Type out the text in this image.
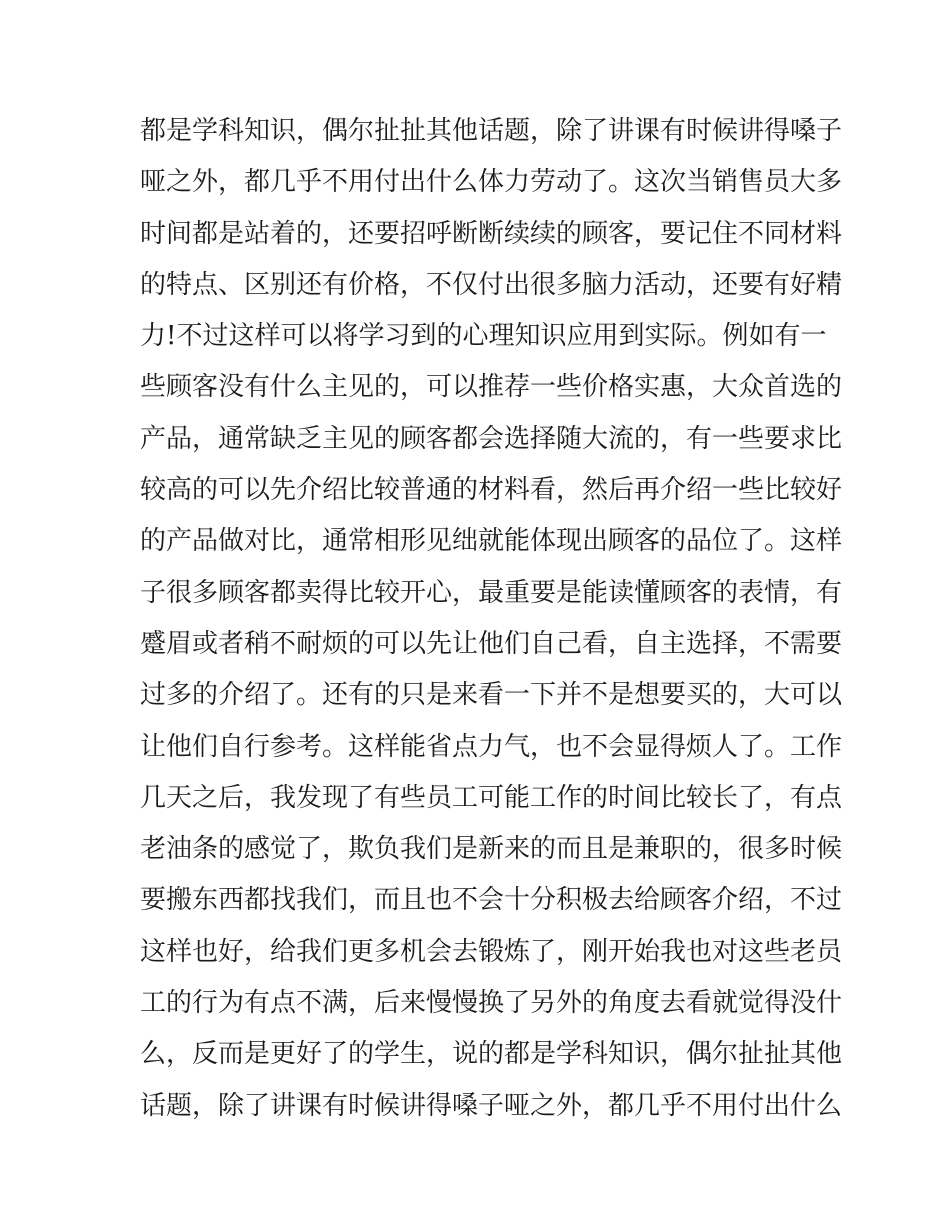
都是学科知识，偶尔扯扯其他话题，除了讲课有时候讲得嗓子
哑之外，都几乎不用付出什么体力劳动了。这次当销售员大多
时间都是站着的，还要招呼断断续续的顾客，要记住不同材料
的特点、区别还有价格，不仅付出很多脑力活动，还要有好精
力!不过这样可以将学习到的心理知识应用到实际。例如有一
些顾客没有什么主见的，可以推荐一些价格实惠，大众首选的
产品，通常缺乏主见的顾客都会选择随大流的，有一些要求比
较高的可以先介绍比较普通的材料看，然后再介绍一些比较好
的产品做对比，通常相形见绌就能体现出顾客的品位了。这样
子很多顾客都卖得比较开心，最重要是能读懂顾客的表情，有
蹙眉或者稍不耐烦的可以先让他们自己看，自主选择，不需要
过多的介绍了。还有的只是来看一下并不是想要买的，大可以
让他们自行参考。这样能省点力气，也不会显得烦人了。工作
几天之后，我发现了有些员工可能工作的时间比较长了，有点
老油条的感觉了，欺负我们是新来的而且是兼职的，很多时候
要搬东西都找我们，而且也不会十分积极去给顾客介绍，不过
这样也好，给我们更多机会去锻炼了，刚开始我也对这些老员
工的行为有点不满，后来慢慢换了另外的角度去看就觉得没什
么，反而是更好了的学生，说的都是学科知识，偶尔扯扯其他
话题，除了讲课有时候讲得嗓子哑之外，都几乎不用付出什么
